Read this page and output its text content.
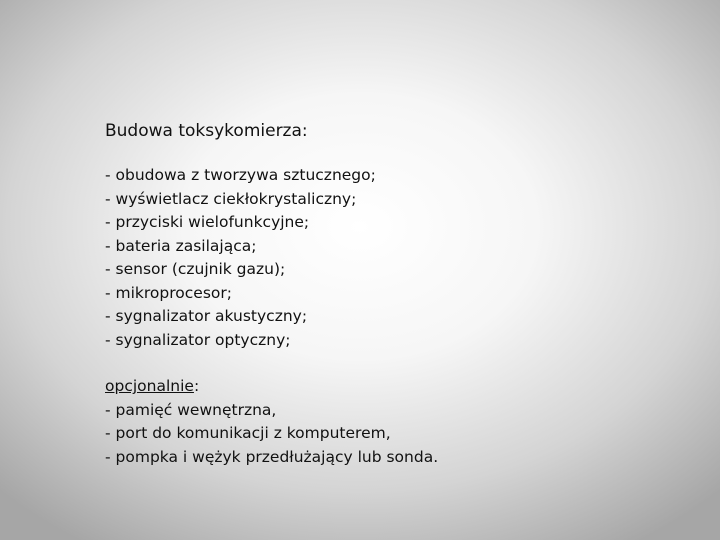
Budowa toksykomierza:
- obudowa z tworzywa sztucznego;
- wyświetlacz ciekłokrystaliczny;
- przyciski wielofunkcyjne;
- bateria zasilająca;
- sensor (czujnik gazu);
- mikroprocesor;
- sygnalizator akustyczny;
- sygnalizator optyczny;
opcjonalnie:
- pamięć wewnętrzna,
- port do komunikacji z komputerem,
- pompka i wężyk przedłużający lub sonda.
